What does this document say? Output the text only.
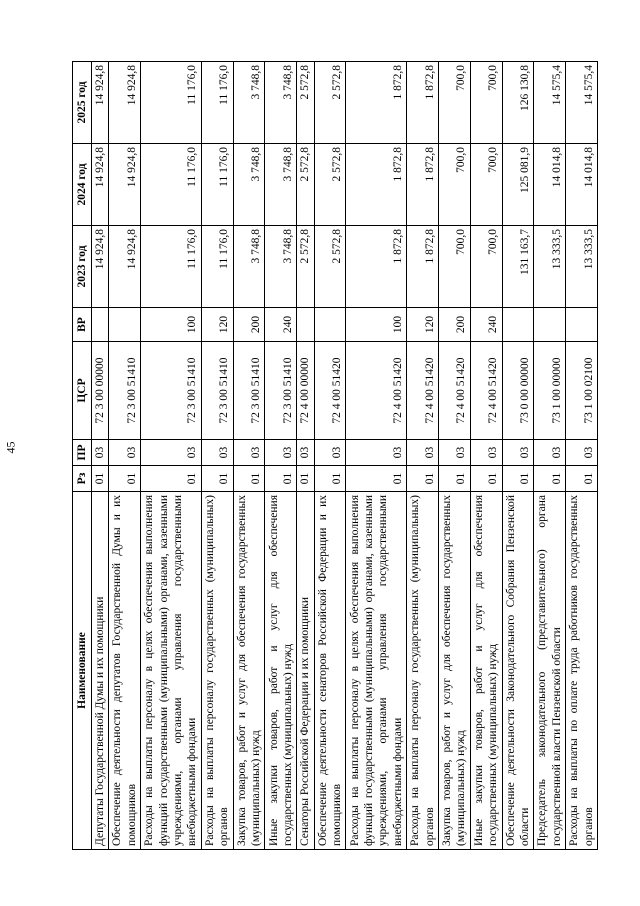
45
Наименование	Рз	ПР	ЦСР	ВР	2023 год	2024 год	2025 год
Депутаты Государственной Думы и их помощники	01	03	72 3 00 00000		14 924,8	14 924,8	14 924,8
Обеспечение деятельности депутатов Государственной Думы и их помощников	01	03	72 3 00 51410		14 924,8	14 924,8	14 924,8
Расходы на выплаты персоналу в целях обеспечения выполнения функций государственными (муниципальными) органами, казенными учреждениями, органами управления государственными внебюджетными фондами	01	03	72 3 00 51410	100	11 176,0	11 176,0	11 176,0
Расходы на выплаты персоналу государственных (муниципальных) органов	01	03	72 3 00 51410	120	11 176,0	11 176,0	11 176,0
Закупка товаров, работ и услуг для обеспечения государственных (муниципальных) нужд	01	03	72 3 00 51410	200	3 748,8	3 748,8	3 748,8
Иные закупки товаров, работ и услуг для обеспечения государственных (муниципальных) нужд	01	03	72 3 00 51410	240	3 748,8	3 748,8	3 748,8
Сенаторы Российской Федерации и их помощники	01	03	72 4 00 00000		2 572,8	2 572,8	2 572,8
Обеспечение деятельности сенаторов Российской Федерации и их помощников	01	03	72 4 00 51420		2 572,8	2 572,8	2 572,8
Расходы на выплаты персоналу в целях обеспечения выполнения функций государственными (муниципальными) органами, казенными учреждениями, органами управления государственными внебюджетными фондами	01	03	72 4 00 51420	100	1 872,8	1 872,8	1 872,8
Расходы на выплаты персоналу государственных (муниципальных) органов	01	03	72 4 00 51420	120	1 872,8	1 872,8	1 872,8
Закупка товаров, работ и услуг для обеспечения государственных (муниципальных) нужд	01	03	72 4 00 51420	200	700,0	700,0	700,0
Иные закупки товаров, работ и услуг для обеспечения государственных (муниципальных) нужд	01	03	72 4 00 51420	240	700,0	700,0	700,0
Обеспечение деятельности Законодательного Собрания Пензенской области	01	03	73 0 00 00000		131 163,7	125 081,9	126 130,8
Председатель законодательного (представительного) органа государственной власти Пензенской области	01	03	73 1 00 00000		13 333,5	14 014,8	14 575,4
Расходы на выплаты по оплате труда работников государственных органов	01	03	73 1 00 02100		13 333,5	14 014,8	14 575,4
